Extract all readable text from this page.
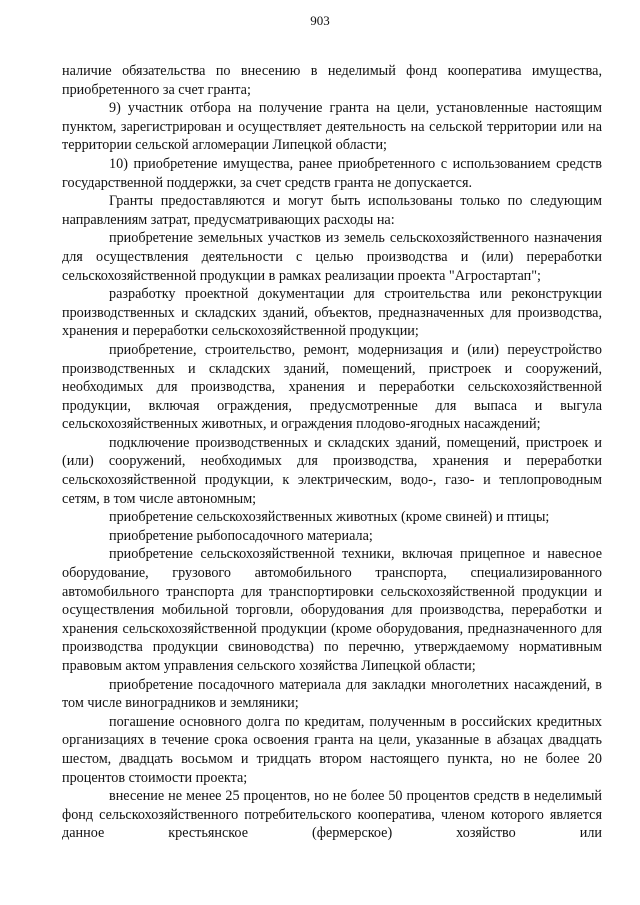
903

наличие обязательства по внесению в неделимый фонд кооператива имущества, приобретенного за счет гранта;

9) участник отбора на получение гранта на цели, установленные настоящим пунктом, зарегистрирован и осуществляет деятельность на сельской территории или на территории сельской агломерации Липецкой области;

10) приобретение имущества, ранее приобретенного с использованием средств государственной поддержки, за счет средств гранта не допускается.

Гранты предоставляются и могут быть использованы только по следующим направлениям затрат, предусматривающих расходы на:

приобретение земельных участков из земель сельскохозяйственного назначения для осуществления деятельности с целью производства и (или) переработки сельскохозяйственной продукции в рамках реализации проекта "Агростартап";

разработку проектной документации для строительства или реконструкции производственных и складских зданий, объектов, предназначенных для производства, хранения и переработки сельскохозяйственной продукции;

приобретение, строительство, ремонт, модернизация и (или) переустройство производственных и складских зданий, помещений, пристроек и сооружений, необходимых для производства, хранения и переработки сельскохозяйственной продукции, включая ограждения, предусмотренные для выпаса и выгула сельскохозяйственных животных, и ограждения плодово-ягодных насаждений;

подключение производственных и складских зданий, помещений, пристроек и (или) сооружений, необходимых для производства, хранения и переработки сельскохозяйственной продукции, к электрическим, водо-, газо- и теплопроводным сетям, в том числе автономным;

приобретение сельскохозяйственных животных (кроме свиней) и птицы;

приобретение рыбопосадочного материала;

приобретение сельскохозяйственной техники, включая прицепное и навесное оборудование, грузового автомобильного транспорта, специализированного автомобильного транспорта для транспортировки сельскохозяйственной продукции и осуществления мобильной торговли, оборудования для производства, переработки и хранения сельскохозяйственной продукции (кроме оборудования, предназначенного для производства продукции свиноводства) по перечню, утверждаемому нормативным правовым актом управления сельского хозяйства Липецкой области;

приобретение посадочного материала для закладки многолетних насаждений, в том числе виноградников и земляники;

погашение основного долга по кредитам, полученным в российских кредитных организациях в течение срока освоения гранта на цели, указанные в абзацах двадцать шестом, двадцать восьмом и тридцать втором настоящего пункта, но не более 20 процентов стоимости проекта;

внесение не менее 25 процентов, но не более 50 процентов средств в неделимый фонд сельскохозяйственного потребительского кооператива, членом которого является данное крестьянское (фермерское) хозяйство или
